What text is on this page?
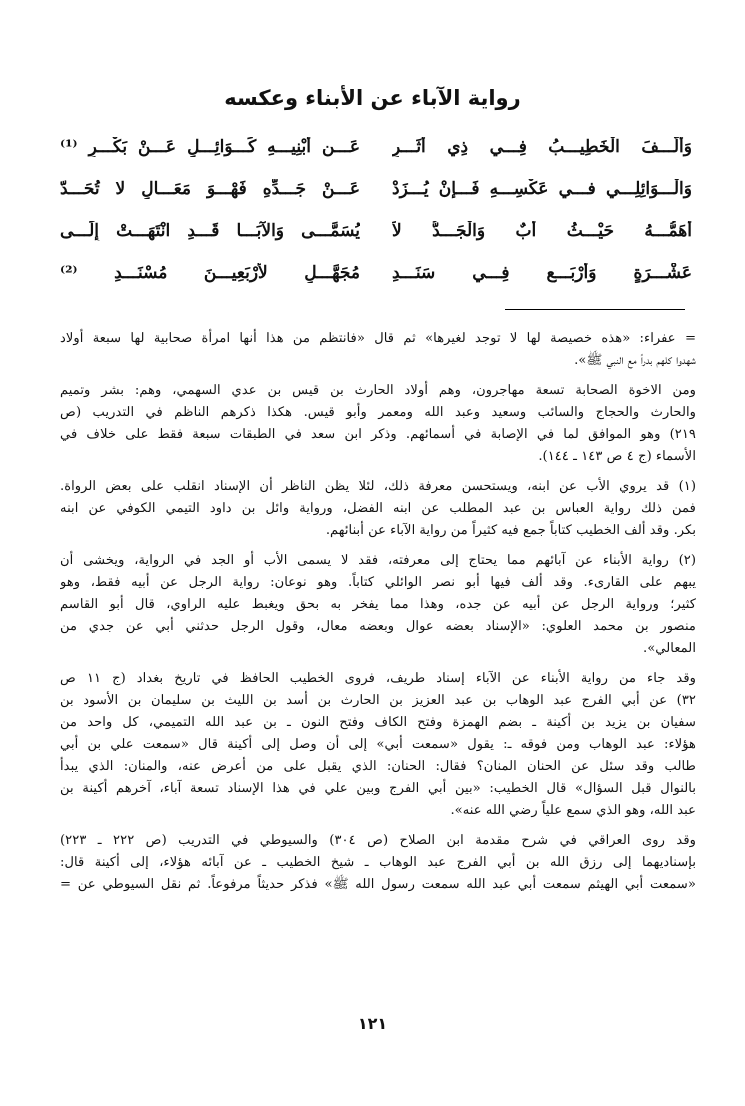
رواية الآباء عن الأبناء وعكسه
وَأَلَّـــفَ الْخَطِيـــبُ فِـــي ذِي أَثَـــرِ
عَـــنِ أَبْنِيـــهِ كَـــوَائِـــلٍ عَـــنْ بَكْـــرِ ⁽¹⁾
وَالْـــوَائِلِـــي فـــي عَكْسِـــهِ فَـــإِنْ يُـــزَدْ
عَـــنْ جَـــدِّهِ فَهْـــوَ مَعَـــالٍ لا تُحَـــدّ
أَهَمُّـــهُ حَيْـــثُ أَبٌ وَالْجَـــدُّ لاَ
يُسَمَّـــى وَالآبَـــا قَـــدِ انْتَهَـــتْ إِلَـــى
عَشْـــرَةٍ وَأَرْبَـــعٍ فِـــي سَنَـــدِ
مُجَهَّـــلٍ لأَرْبَعِيـــنَ مُسْنَـــدِ ⁽²⁾
= عفراء: «هذه خصيصة لها لا توجد لغيرها» ثم قال «فانتظم من هذا أنها امرأة صحابية لها سبعة أولاد
شهدوا كلهم بدراً مع النبي ﷺ».
ومن الاخوة الصحابة تسعة مهاجرون، وهم أولاد الحارث بن قيس بن عدي السهمي، وهم: بشر وتميم
والحارث والحجاج والسائب وسعيد وعبد الله ومعمر وأبو قيس. هكذا ذكرهم الناظم في التدريب (ص
٢١٩) وهو الموافق لما في الإصابة في أسمائهم. وذكر ابن سعد في الطبقات سبعة فقط على خلاف في
الأسماء (ج ٤ ص ١٤٣ ـ ١٤٤).
(١) قد يروي الأب عن ابنه، ويستحسن معرفة ذلك، لئلا يظن الناظر أن الإسناد انقلب على بعض الرواة.
فمن ذلك رواية العباس بن عبد المطلب عن ابنه الفضل، ورواية وائل بن داود التيمي الكوفي عن ابنه
بكر. وقد ألف الخطيب كتاباً جمع فيه كثيراً من رواية الآباء عن أبنائهم.
(٢) رواية الأبناء عن آبائهم مما يحتاج إلى معرفته، فقد لا يسمى الأب أو الجد في الرواية، ويخشى أن
يبهم على القارىء. وقد ألف فيها أبو نصر الوائلي كتاباً. وهو نوعان: رواية الرجل عن أبيه فقط، وهو
كثير؛ ورواية الرجل عن أبيه عن جده، وهذا مما يفخر به بحق ويغبط عليه الراوي، قال أبو القاسم
منصور بن محمد العلوي: «الإسناد بعضه عوال وبعضه معال، وقول الرجل حدثني أبي عن جدي من
المعالي».
وقد جاء من رواية الأبناء عن الآباء إسناد طريف، فروى الخطيب الحافظ في تاريخ بغداد (ج ١١ ص
٣٢) عن أبي الفرج عبد الوهاب بن عبد العزيز بن الحارث بن أسد بن الليث بن سليمان بن الأسود بن
سفيان بن يزيد بن أكينة ـ بضم الهمزة وفتح الكاف وفتح النون ـ بن عبد الله التميمي، كل واحد من
هؤلاء: عبد الوهاب ومن فوقه ـ: يقول «سمعت أبي» إلى أن وصل إلى أكينة قال «سمعت علي بن أبي
طالب وقد سئل عن الحنان المنان؟ فقال: الحنان: الذي يقبل على من أعرض عنه، والمنان: الذي يبدأ
بالنوال قبل السؤال» قال الخطيب: «بين أبي الفرج وبين علي في هذا الإسناد تسعة آباء، آخرهم أكينة بن
عبد الله، وهو الذي سمع علياً رضي الله عنه».
وقد روى العراقي في شرح مقدمة ابن الصلاح (ص ٣٠٤) والسيوطي في التدريب (ص ٢٢٢ ـ ٢٢٣)
بإسناديهما إلى رزق الله بن أبي الفرج عبد الوهاب ـ شيخ الخطيب ـ عن آبائه هؤلاء، إلى أكينة قال:
«سمعت أبي الهيثم سمعت أبي عبد الله سمعت رسول الله ﷺ» فذكر حديثاً مرفوعاً. ثم نقل السيوطي عن =
١٢١
